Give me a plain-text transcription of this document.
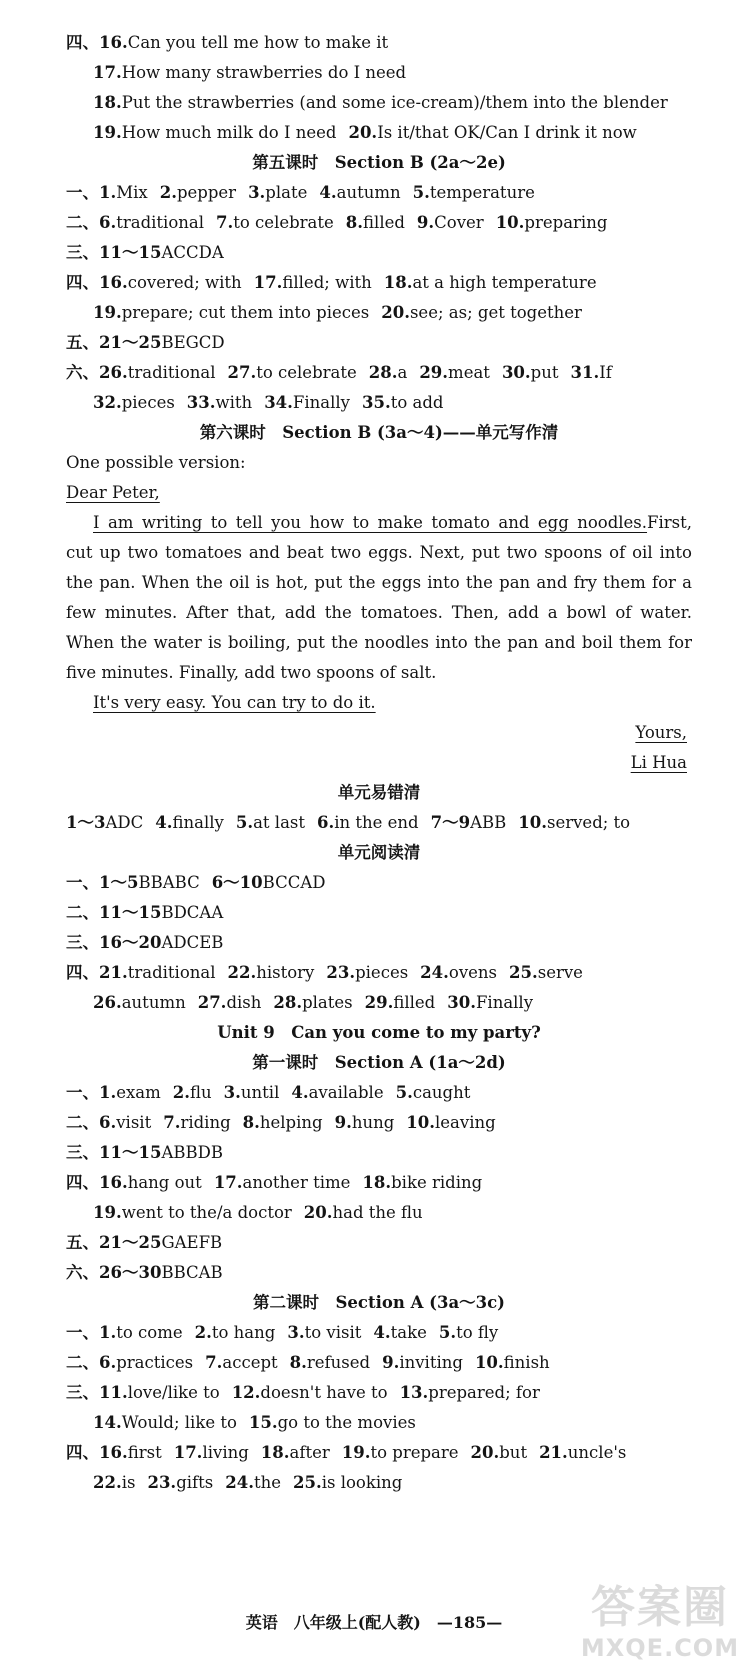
四、16.Can you tell me how to make it
17.How many strawberries do I need
18.Put the strawberries (and some ice-cream)/them into the blender
19.How much milk do I need 20.Is it/that OK/Can I drink it now
第五课时　Section B (2a～2e)
一、1.Mix 2.pepper 3.plate 4.autumn 5.temperature
二、6.traditional 7.to celebrate 8.filled 9.Cover 10.preparing
三、11～15ACCDA
四、16.covered; with 17.filled; with 18.at a high temperature
19.prepare; cut them into pieces 20.see; as; get together
五、21～25BEGCD
六、26.traditional 27.to celebrate 28.a 29.meat 30.put 31.If
32.pieces 33.with 34.Finally 35.to add
第六课时　Section B (3a～4)——单元写作清
One possible version:
Dear Peter,
I am writing to tell you how to make tomato and egg noodles.First,
cut up two tomatoes and beat two eggs. Next, put two spoons of oil into
the pan. When the oil is hot, put the eggs into the pan and fry them for a
few minutes. After that, add the tomatoes. Then, add a bowl of water.
When the water is boiling, put the noodles into the pan and boil them for
five minutes. Finally, add two spoons of salt.
It's very easy. You can try to do it.
Yours,
Li Hua
单元易错清
1～3ADC 4.finally 5.at last 6.in the end 7～9ABB 10.served; to
单元阅读清
一、1～5BBABC 6～10BCCAD
二、11～15BDCAA
三、16～20ADCEB
四、21.traditional 22.history 23.pieces 24.ovens 25.serve
26.autumn 27.dish 28.plates 29.filled 30.Finally
Unit 9　Can you come to my party?
第一课时　Section A (1a～2d)
一、1.exam 2.flu 3.until 4.available 5.caught
二、6.visit 7.riding 8.helping 9.hung 10.leaving
三、11～15ABBDB
四、16.hang out 17.another time 18.bike riding
19.went to the/a doctor 20.had the flu
五、21～25GAEFB
六、26～30BBCAB
第二课时　Section A (3a～3c)
一、1.to come 2.to hang 3.to visit 4.take 5.to fly
二、6.practices 7.accept 8.refused 9.inviting 10.finish
三、11.love/like to 12.doesn't have to 13.prepared; for
14.Would; like to 15.go to the movies
四、16.first 17.living 18.after 19.to prepare 20.but 21.uncle's
22.is 23.gifts 24.the 25.is looking
英语　八年级上(配人教)　—185—	答案圈
MXQE.COM
